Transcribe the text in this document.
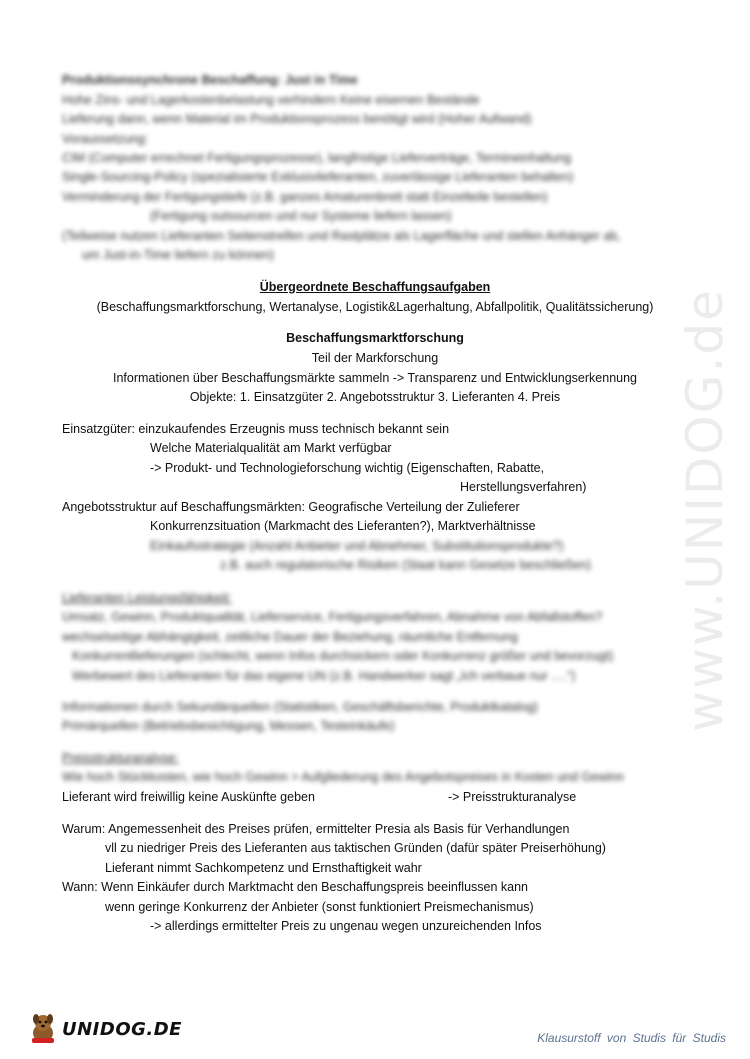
www.UNIDOG.de
Produktionssynchrone Beschaffung: Just in Time
Hohe Zins- und Lagerkostenbelastung verhindern Keine eisernen Bestände
Lieferung dann, wenn Material im Produktionsprozess benötigt wird (Hoher Aufwand)
Voraussetzung:
CIM (Computer errechnet Fertigungsprozesse), langfristige Lieferverträge, Termineinhaltung
Single-Sourcing-Policy (spezialisierte Exklusivlieferanten, zuverlässige Lieferanten behalten)
Verminderung der Fertigungstiefe (z.B. ganzes Amaturenbrett statt Einzelteile bestellen)
(Fertigung outsourcen und nur Systeme liefern lassen)
(Teilweise nutzen Lieferanten Seitenstreifen und Rastplätze als Lagerfläche und stellen Anhänger ab,
um Just-in-Time liefern zu können)
Übergeordnete Beschaffungsaufgaben
(Beschaffungsmarktforschung, Wertanalyse, Logistik&Lagerhaltung, Abfallpolitik, Qualitätssicherung)
Beschaffungsmarktforschung
Teil der Markforschung
Informationen über Beschaffungsmärkte sammeln -> Transparenz und Entwicklungserkennung
Objekte: 1. Einsatzgüter 2. Angebotsstruktur 3. Lieferanten 4. Preis
Einsatzgüter: einzukaufendes Erzeugnis muss technisch bekannt sein
Welche Materialqualität am Markt verfügbar
-> Produkt- und Technologieforschung wichtig (Eigenschaften, Rabatte,
Herstellungsverfahren)
Angebotsstruktur auf Beschaffungsmärkten: Geografische Verteilung der Zulieferer
Konkurrenzsituation (Markmacht des Lieferanten?), Marktverhältnisse
Einkaufsstrategie (Anzahl Anbieter und Abnehmer, Substitutionsprodukte?)
z.B. auch regulatorische Risiken (Staat kann Gesetze beschließen)
Lieferanten Leistungsfähigkeit:
Umsatz, Gewinn, Produktqualität, Lieferservice, Fertigungsverfahren, Abnahme von Abfallstoffen?
wechselseitige Abhängigkeit, zeitliche Dauer der Beziehung, räumliche Entfernung
Konkurrentlieferungen (schlecht, wenn Infos durchsickern oder Konkurrenz größer und bevorzugt)
Werbewert des Lieferanten für das eigene UN (z.B. Handwerker sagt „Ich verbaue nur ….“)
Informationen durch Sekundärquellen (Statistiken, Geschäftsberichte, Produktkatalog)
Primärquellen (Betriebsbesichtigung, Messen, Testeinkäufe)
Preisstrukturanalyse:
Wie hoch Stückkosten, wie hoch Gewinn > Aufgliederung des Angebotspreises in Kosten und Gewinn
Lieferant wird freiwillig keine Auskünfte geben	-> Preisstrukturanalyse
Warum: Angemessenheit des Preises prüfen, ermittelter Presia als Basis für Verhandlungen
vll zu niedriger Preis des Lieferanten aus taktischen Gründen (dafür später Preiserhöhung)
Lieferant nimmt Sachkompetenz und Ernsthaftigkeit wahr
Wann: Wenn Einkäufer durch Marktmacht den Beschaffungspreis beeinflussen kann
wenn geringe Konkurrenz der Anbieter (sonst funktioniert Preismechanismus)
-> allerdings ermittelter Preis zu ungenau wegen unzureichenden Infos
UNIDOG.DE	Klausurstoff von Studis für Studis
